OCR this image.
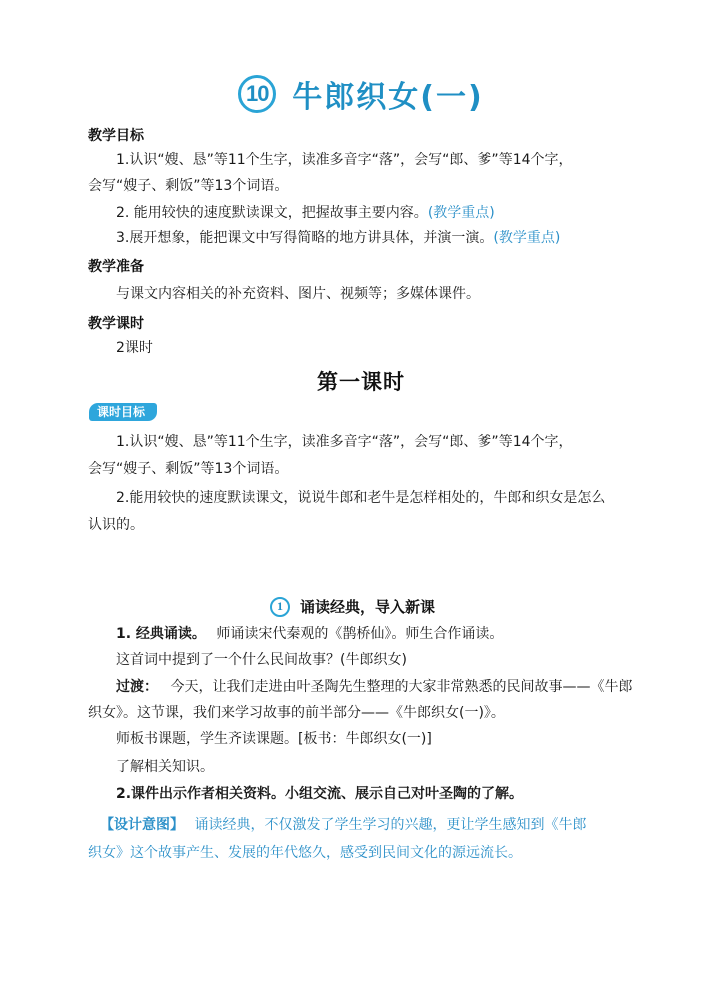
10 牛郎织女(一)
教学目标
1.认识“嫂、恳”等11个生字，读准多音字“落”，会写“郎、爹”等14个字，
会写“嫂子、剩饭”等13个词语。
2. 能用较快的速度默读课文，把握故事主要内容。(教学重点)
3.展开想象，能把课文中写得简略的地方讲具体，并演一演。(教学重点)
教学准备
与课文内容相关的补充资料、图片、视频等；多媒体课件。
教学课时
2课时
第一课时
课时目标
1.认识“嫂、恳”等11个生字，读准多音字“落”，会写“郎、爹”等14个字，
会写“嫂子、剩饭”等13个词语。
2.能用较快的速度默读课文，说说牛郎和老牛是怎样相处的，牛郎和织女是怎么
认识的。
1	诵读经典，导入新课
1. 经典诵读。 师诵读宋代秦观的《鹊桥仙》。师生合作诵读。
这首词中提到了一个什么民间故事？(牛郎织女)
过渡： 今天，让我们走进由叶圣陶先生整理的大家非常熟悉的民间故事——《牛郎
织女》。这节课，我们来学习故事的前半部分——《牛郎织女(一)》。
师板书课题，学生齐读课题。[板书：牛郎织女(一)]
了解相关知识。
2.课件出示作者相关资料。小组交流、展示自己对叶圣陶的了解。
【设计意图】 诵读经典，不仅激发了学生学习的兴趣，更让学生感知到《牛郎
织女》这个故事产生、发展的年代悠久，感受到民间文化的源远流长。
